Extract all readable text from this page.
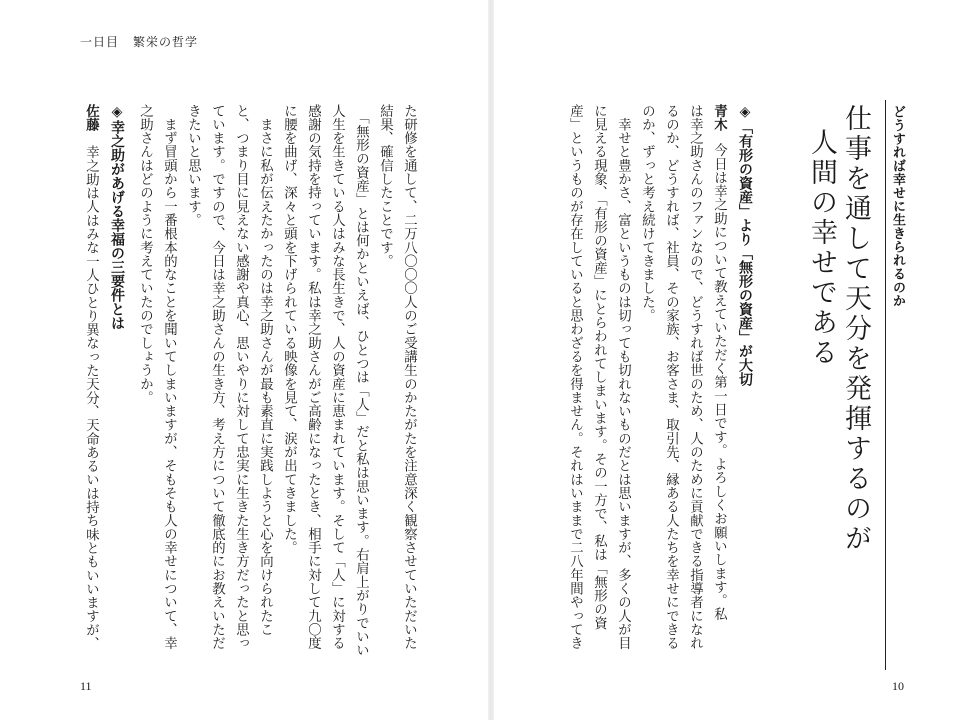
一日目 繁栄の哲学
どうすれば幸せに生きられるのか
仕事を通して天分を発揮するのが
人間の幸せである
◈「有形の資産」より「無形の資産」が大切
青木今日は幸之助について教えていただく第一日です。よろしくお願いします。私
は幸之助さんのファンなので、どうすれば世のため、人のために貢献できる指導者になれ
るのか、どうすれば、社員、その家族、お客さま、取引先、縁ある人たちを幸せにできる
のか、ずっと考え続けてきました。
　幸せと豊かさ、富というものは切っても切れないものだとは思いますが、多くの人が目
に見える現象、「有形の資産」にとらわれてしまいます。その一方で、私は「無形の資
産」というものが存在していると思わざるを得ません。それはいままで二八年間やってき
た研修を通して、二万八〇〇〇人のご受講生のかたがたを注意深く観察させていただいた
結果、確信したことです。
　「無形の資産」とは何かといえば、ひとつは「人」だと私は思います。右肩上がりでいい
人生を生きている人はみな長生きで、人の資産に恵まれています。そして「人」に対する
感謝の気持を持っています。私は幸之助さんがご高齢になったとき、相手に対して九〇度
に腰を曲げ、深々と頭を下げられている映像を見て、涙が出てきました。
　まさに私が伝えたかったのは幸之助さんが最も素直に実践しようと心を向けられたこ
と、つまり目に見えない感謝や真心、思いやりに対して忠実に生きた生き方だったと思っ
ています。ですので、今日は幸之助さんの生き方、考え方について徹底的にお教えいただ
きたいと思います。
　まず冒頭から一番根本的なことを聞いてしまいますが、そもそも人の幸せについて、幸
之助さんはどのように考えていたのでしょうか。
◈幸之助があげる幸福の三要件とは
佐藤幸之助は人はみな一人ひとり異なった天分、天命あるいは持ち味ともいいますが、
11	10
